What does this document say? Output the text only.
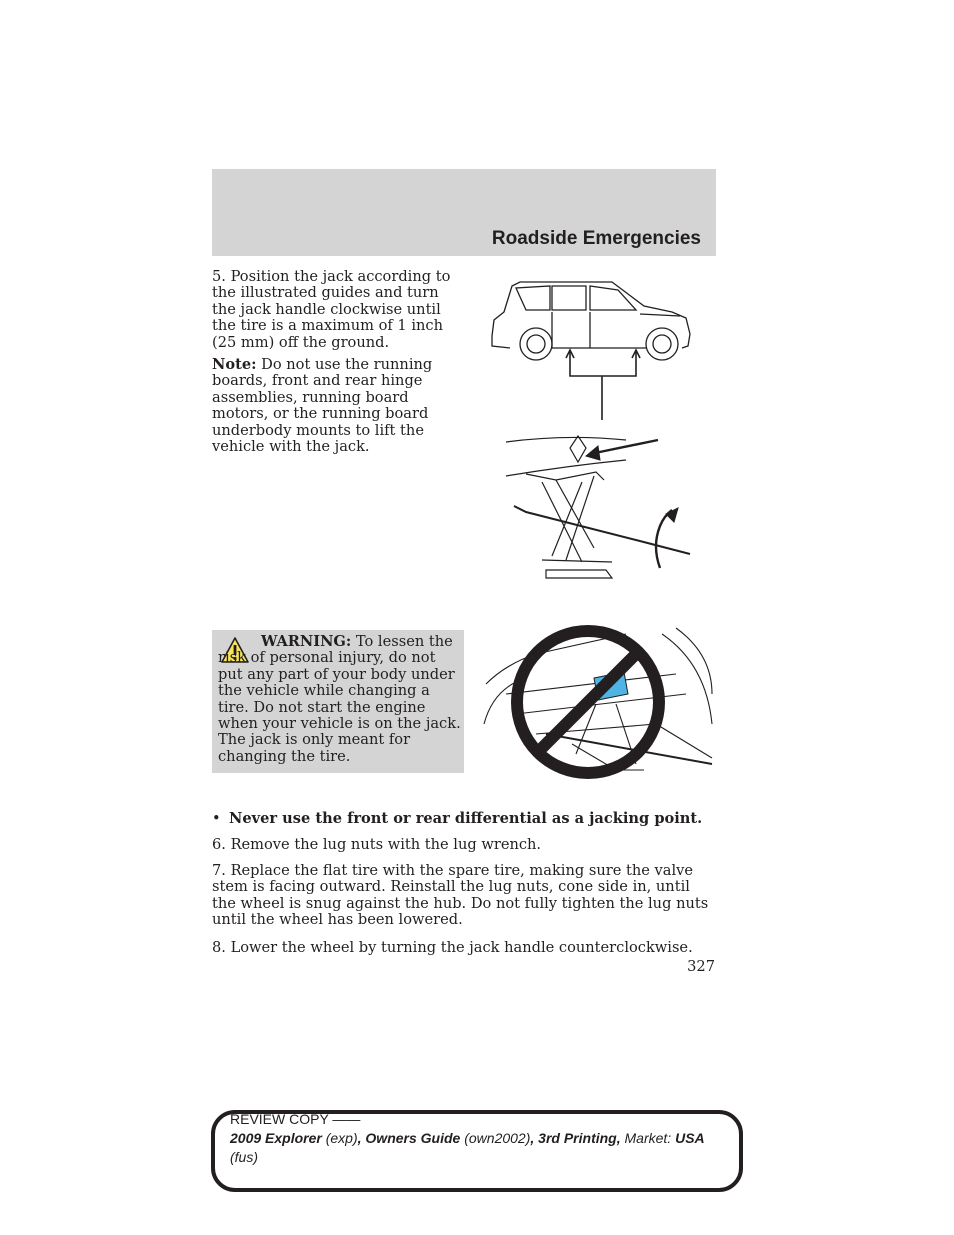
Roadside Emergencies

5. Position the jack according to the illustrated guides and turn the jack handle clockwise until the tire is a maximum of 1 inch (25 mm) off the ground.

Note: Do not use the running boards, front and rear hinge assemblies, running board motors, or the running board underbody mounts to lift the vehicle with the jack.

WARNING: To lessen the risk of personal injury, do not put any part of your body under the vehicle while changing a tire. Do not start the engine when your vehicle is on the jack. The jack is only meant for changing the tire.

• Never use the front or rear differential as a jacking point.

6. Remove the lug nuts with the lug wrench.

7. Replace the flat tire with the spare tire, making sure the valve stem is facing outward. Reinstall the lug nuts, cone side in, until the wheel is snug against the hub. Do not fully tighten the lug nuts until the wheel has been lowered.

8. Lower the wheel by turning the jack handle counterclockwise.

327

REVIEW COPY ——
2009 Explorer (exp), Owners Guide (own2002), 3rd Printing, Market: USA
(fus)
